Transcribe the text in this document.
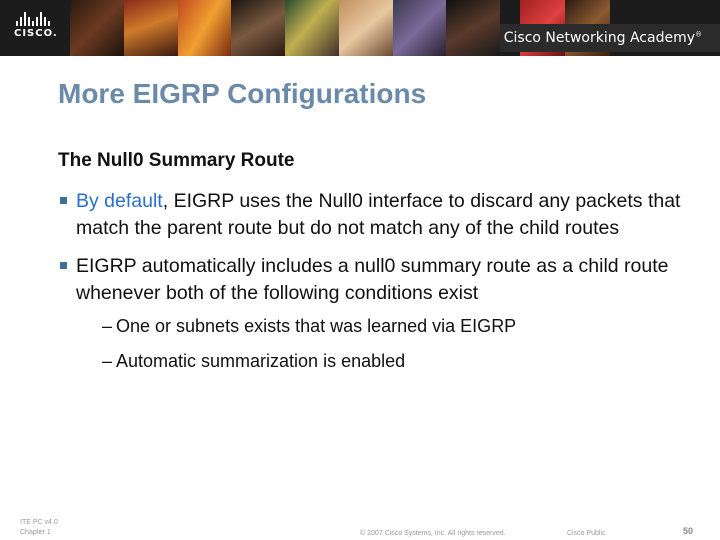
CISCO.	Cisco Networking Academy®
More EIGRP Configurations
The Null0 Summary Route
By default, EIGRP uses the Null0 interface to discard any packets that match the parent route but do not match any of the child routes
EIGRP automatically includes a null0 summary route as a child route whenever both of the following conditions exist
– One or subnets exists that was learned via EIGRP
– Automatic summarization is enabled
ITE PC v4.0
Chapter 1	© 2007 Cisco Systems, Inc. All rights reserved.	Cisco Public	50
